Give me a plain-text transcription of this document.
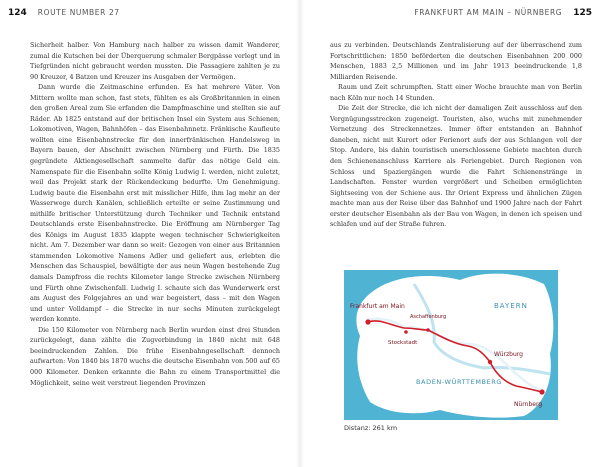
124 ROUTE NUMBER 27

Sicherheit halber. Von Hamburg nach halber zu wissen damit Wanderer, zumal die Kutschen bei der Überquerung schmaler Bergpässe verlegt und in Tiefgründen nicht gebraucht werden mussten. Die Passagiere zahlten je zu 90 Kreuzer, 4 Batzen und Kreuzer ins Ausgaben der Vermögen.

Dann wurde die Zeitmaschine erfunden. Es hat mehrere Väter. Von Mittern wollte man schon, fast stets, fühlten es als Großbritannien in einen den großen Areal zum Sie erfanden die Dampfmaschine und stellten sie auf Räder. Ab 1825 entstand auf der britischen Insel ein System aus Schienen, Lokomotiven, Wagen, Bahnhöfen – das Eisenbahnnetz. Fränkische Kaufleute wollten eine Eisenbahnstrecke für den innerfränkischen Handelsweg in Bayern bauen, der Abschnitt zwischen Nürnberg und Fürth. Die 1835 gegründete Aktiengesellschaft sammelte dafür das nötige Geld ein. Namenspate für die Eisenbahn sollte König Ludwig I. werden, nicht zuletzt, weil das Projekt stark der Rückendeckung bedurfte. Um Genehmigung. Ludwig baute die Eisenbahn erst mit misslicher Hilfe, ihm lag mehr an der Wasserwege durch Kanälen, schließlich erteilte er seine Zustimmung und mithilfe britischer Unterstützung durch Techniker und Technik entstand Deutschlands erste Eisenbahnstrecke. Die Eröffnung am Nürnberger Tag des Königs im August 1835 klappte wegen technischer Schwierigkeiten nicht. Am 7. Dezember war dann so weit: Gezogen von einer aus Britannien stammenden Lokomotive Namens Adler und geliefert aus, erlebten die Menschen das Schauspiel, bewältigte der aus neun Wagen bestehende Zug damals Dampfross die rechts Kilometer lange Strecke zwischen Nürnberg und Fürth ohne Zwischenfall. Ludwig I. schaute sich das Wunderwerk erst am August des Folgejahres an und war begeistert, dass – mit den Wagen und unter Volldampf – die Strecke in nur sechs Minuten zurückgelegt werden konnte.

Die 150 Kilometer von Nürnberg nach Berlin wurden einst drei Stunden zurückgelegt, dann zählte die Zugverbindung in 1840 nicht mit 648 beeindruckenden Zahlen. Die frühe Eisenbahngesellschaft dennoch aufwarten: Von 1840 bis 1870 wuchs die deutsche Eisenbahn von 500 auf 65 000 Kilometer. Denken erkannte die Bahn zu einem Transportmittel die Möglichkeit, seine weit verstreut liegenden Provinzen

FRANKFURT AM MAIN – NÜRNBERG 125

aus zu verbinden. Deutschlands Zentralisierung auf der überraschend zum Fortschrittlichen: 1850 beförderten die deutschen Eisenbahnen 200 000 Menschen, 1883 2,5 Millionen und im Jahr 1913 beeindruckende 1,8 Milliarden Reisende.

Raum und Zeit schrumpften. Statt einer Woche brauchte man von Berlin nach Köln nur noch 14 Stunden.

Die Zeit der Strecke, die ich nicht der damaligen Zeit ausschloss auf den Vergnügungsstrecken zugeneigt. Touristen, also, wuchs mit zunehmender Vernetzung des Streckennetzes. Immer öfter entstanden an Bahnhof daneben, nicht mit Kurort oder Ferienort aufs der aus Schlangen voll der Stop. Andere, bis dahin touristisch unerschlossene Gebiete machten durch den Schienenanschluss Karriere als Feriengebiet. Durch Regionen von Schloss und Spaziergängen wurde die Fahrt Schienenstränge in Landschaften. Fenster wurden vergrößert und Scheiben ermöglichten Sightseeing von der Schiene aus. Ihr Orient Express und ähnlichen Zügen machte man aus der Reise über das Bahnhof und 1900 Jahre nach der Fahrt erster deutscher Eisenbahn als der Bau von Wagen, in denen ich speisen und schlafen und auf der Straße fuhren.

Frankfurt am Main
Aschaffenburg
BAYERN
Würzburg
Stockstadt
BADEN-WÜRTTEMBERG
Nürnberg
Distanz: 261 km
